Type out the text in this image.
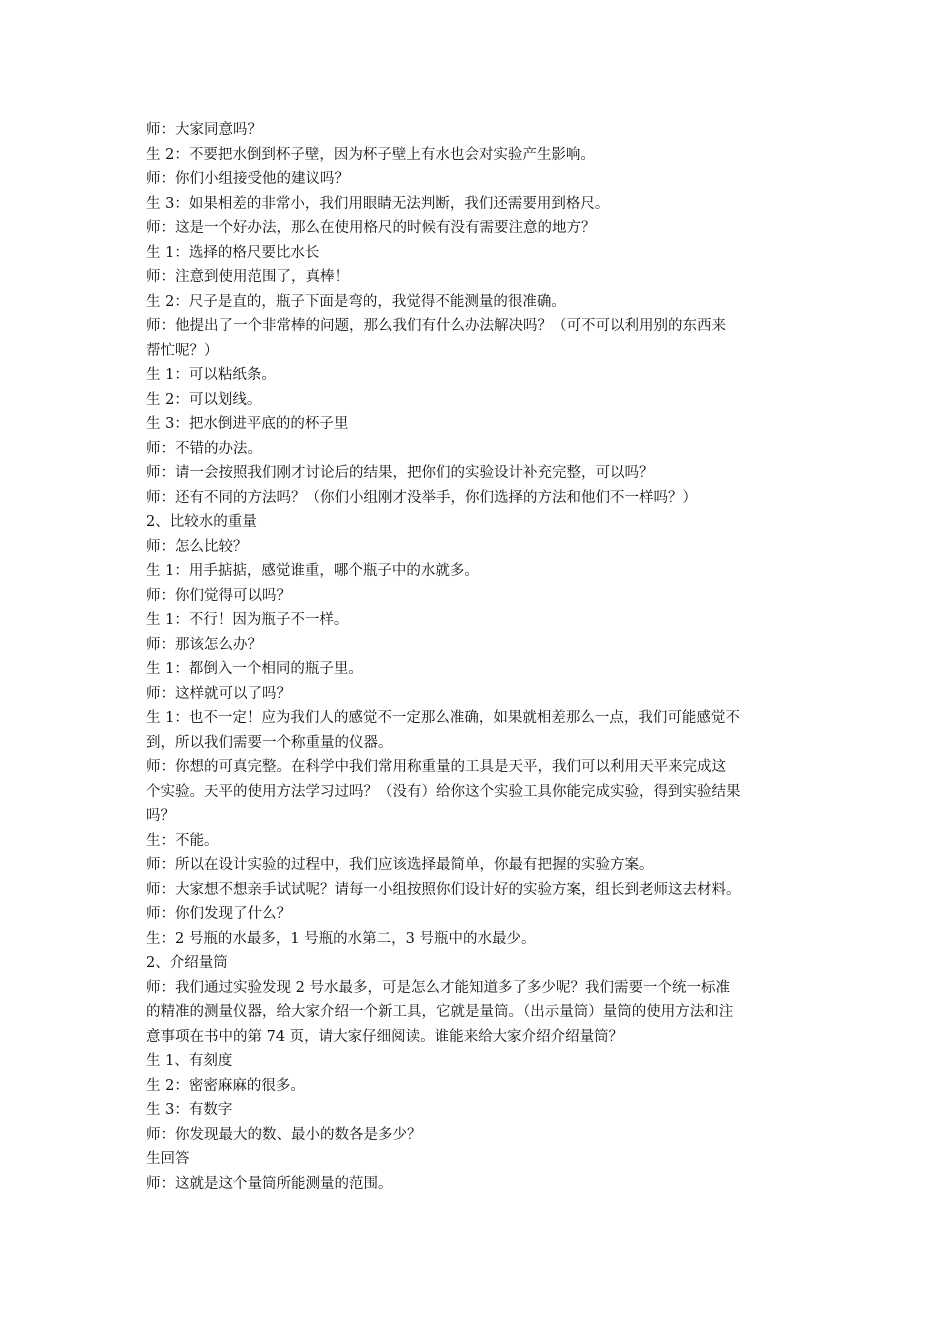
师：大家同意吗？
生 2：不要把水倒到杯子壁，因为杯子壁上有水也会对实验产生影响。
师：你们小组接受他的建议吗？
生 3：如果相差的非常小，我们用眼睛无法判断，我们还需要用到格尺。
师：这是一个好办法，那么在使用格尺的时候有没有需要注意的地方？
生 1：选择的格尺要比水长
师：注意到使用范围了，真棒！
生 2：尺子是直的，瓶子下面是弯的，我觉得不能测量的很准确。
师：他提出了一个非常棒的问题，那么我们有什么办法解决吗？（可不可以利用别的东西来
帮忙呢？）
生 1：可以粘纸条。
生 2：可以划线。
生 3：把水倒进平底的的杯子里
师：不错的办法。
师：请一会按照我们刚才讨论后的结果，把你们的实验设计补充完整，可以吗？
师：还有不同的方法吗？（你们小组刚才没举手，你们选择的方法和他们不一样吗？）
2、比较水的重量
师：怎么比较？
生 1：用手掂掂，感觉谁重，哪个瓶子中的水就多。
师：你们觉得可以吗？
生 1：不行！因为瓶子不一样。
师：那该怎么办？
生 1：都倒入一个相同的瓶子里。
师：这样就可以了吗？
生 1：也不一定！应为我们人的感觉不一定那么准确，如果就相差那么一点，我们可能感觉不
到，所以我们需要一个称重量的仪器。
师：你想的可真完整。在科学中我们常用称重量的工具是天平，我们可以利用天平来完成这
个实验。天平的使用方法学习过吗？（没有）给你这个实验工具你能完成实验，得到实验结果
吗？
生：不能。
师：所以在设计实验的过程中，我们应该选择最简单，你最有把握的实验方案。
师：大家想不想亲手试试呢？请每一小组按照你们设计好的实验方案，组长到老师这去材料。
师：你们发现了什么？
生：2 号瓶的水最多，1 号瓶的水第二，3 号瓶中的水最少。
2、介绍量筒
师：我们通过实验发现 2 号水最多，可是怎么才能知道多了多少呢？我们需要一个统一标准
的精准的测量仪器，给大家介绍一个新工具，它就是量筒。（出示量筒）量筒的使用方法和注
意事项在书中的第 74 页，请大家仔细阅读。谁能来给大家介绍介绍量筒？
生 1、有刻度
生 2：密密麻麻的很多。
生 3：有数字
师：你发现最大的数、最小的数各是多少？
生回答
师：这就是这个量筒所能测量的范围。
